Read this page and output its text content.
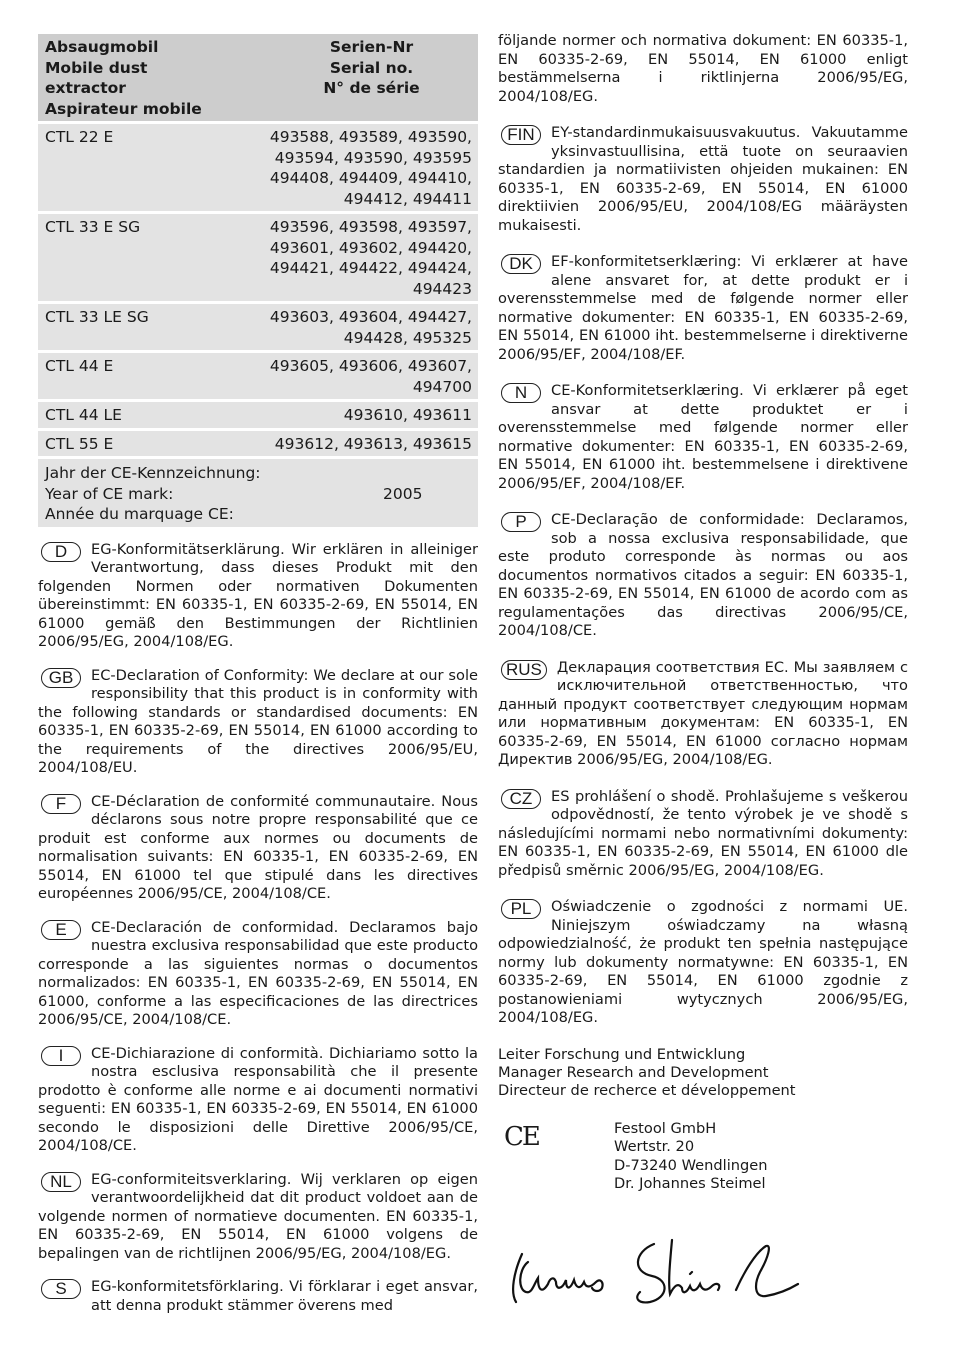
Absaugmobil
Mobile dust extractor
Aspirateur mobile	Serien-Nr
Serial no.
N° de série

CTL 22 E	493588, 493589, 493590,
493594, 493590, 493595
494408, 494409, 494410,
494412, 494411

CTL 33 E SG	493596, 493598, 493597,
493601, 493602, 494420,
494421, 494422, 494424,
494423

CTL 33 LE SG	493603, 493604, 494427,
494428, 495325

CTL 44 E	493605, 493606, 493607,
494700

CTL 44 LE	493610, 493611

CTL 55 E	493612, 493613, 493615

Jahr der CE-Kennzeichnung:
Year of CE mark:
Année du marquage CE:
2005	
D	EG-Konformitätserklärung. Wir erklären in alleiniger Verantwortung, dass dieses Produkt mit den folgenden Normen oder normativen Dokumenten übereinstimmt: EN 60335-1, EN 60335-2-69, EN 55014, EN 61000 gemäß den Bestimmungen der Richtlinien 2006/95/EG, 2004/108/EG.

GB	EC-Declaration of Conformity: We declare at our sole responsibility that this product is in conformity with the following standards or standardised documents: EN 60335-1, EN 60335-2-69, EN 55014, EN 61000 according to the requirements of the directives 2006/95/EU, 2004/108/EU.

F	CE-Déclaration de conformité communautaire. Nous déclarons sous notre propre responsabilité que ce produit est conforme aux normes ou documents de normalisation suivants: EN 60335-1, EN 60335-2-69, EN 55014, EN 61000 tel que stipulé dans les directives européennes 2006/95/CE, 2004/108/CE.

E	CE-Declaración de conformidad. Declaramos bajo nuestra exclusiva responsabilidad que este producto corresponde a las siguientes normas o documentos normalizados: EN 60335-1, EN 60335-2-69, EN 55014, EN 61000, conforme a las especificaciones de las directrices 2006/95/CE, 2004/108/CE.

I	CE-Dichiarazione di conformità. Dichiariamo sotto la nostra esclusiva responsabilità che il presente prodotto è conforme alle norme e ai documenti normativi seguenti: EN 60335-1, EN 60335-2-69, EN 55014, EN 61000 secondo le disposizioni delle Direttive 2006/95/CE, 2004/108/CE.

NL	EG-conformiteitsverklaring. Wij verklaren op eigen verantwoordelijkheid dat dit product voldoet aan de volgende normen of normatieve documenten. EN 60335-1, EN 60335-2-69, EN 55014, EN 61000 volgens de bepalingen van de richtlijnen 2006/95/EG, 2004/108/EG.

S	EG-konformitetsförklaring. Vi förklarar i eget ansvar, att denna produkt stämmer överens med

följande normer och normativa dokument: EN 60335-1, EN 60335-2-69, EN 55014, EN 61000 enligt bestämmelserna i riktlinjerna 2006/95/EG, 2004/108/EG.

FIN	EY-standardinmukaisuusvakuutus. Vakuutamme yksinvastuullisina, että tuote on seuraavien standardien ja normatiivisten ohjeiden mukainen: EN 60335-1, EN 60335-2-69, EN 55014, EN 61000 direktiivien 2006/95/EU, 2004/108/EG määräysten mukaisesti.

DK	EF-konformitetserklæring: Vi erklærer at have alene ansvaret for, at dette produkt er i overensstemmelse med de følgende normer eller normative dokumenter: EN 60335-1, EN 60335-2-69, EN 55014, EN 61000 iht. bestemmelserne i direktiverne 2006/95/EF, 2004/108/EF.

N	CE-Konformitetserklæring. Vi erklærer på eget ansvar at dette produktet er i overensstemmelse med følgende normer eller normative dokumenter: EN 60335-1, EN 60335-2-69, EN 55014, EN 61000 iht. bestemmelsene i direktivene 2006/95/EF, 2004/108/EF.

P	CE-Declaração de conformidade: Declaramos, sob a nossa exclusiva responsabilidade, que este produto corresponde às normas ou aos documentos normativos citados a seguir: EN 60335-1, EN 60335-2-69, EN 55014, EN 61000 de acordo com as regulamentações das directivas 2006/95/CE, 2004/108/CE.

RUS	Декларация соответствия ЕС. Мы заявляем с исключительной ответственностью, что данный продукт соответствует следующим нормам или нормативным документам: EN 60335-1, EN 60335-2-69, EN 55014, EN 61000 согласно нормам Директив 2006/95/EG, 2004/108/EG.

CZ	ES prohlášení o shodě. Prohlašujeme s veškerou odpovědností, že tento výrobek je ve shodě s následujícími normami nebo normativními dokumenty: EN 60335-1, EN 60335-2-69, EN 55014, EN 61000 dle předpisů směrnic 2006/95/EG, 2004/108/EG.

PL	Oświadczenie o zgodności z normami UE. Niniejszym oświadczamy na własną odpowiedzialność, że produkt ten spełnia następujące normy lub dokumenty normatywne: EN 60335-1, EN 60335-2-69, EN 55014, EN 61000 zgodnie z postanowieniami wytycznych 2006/95/EG, 2004/108/EG.

Leiter Forschung und Entwicklung
Manager Research and Development
Directeur de recherce et développement
CE	Festool GmbH
Wertstr. 20
D-73240 Wendlingen
Dr. Johannes Steimel
